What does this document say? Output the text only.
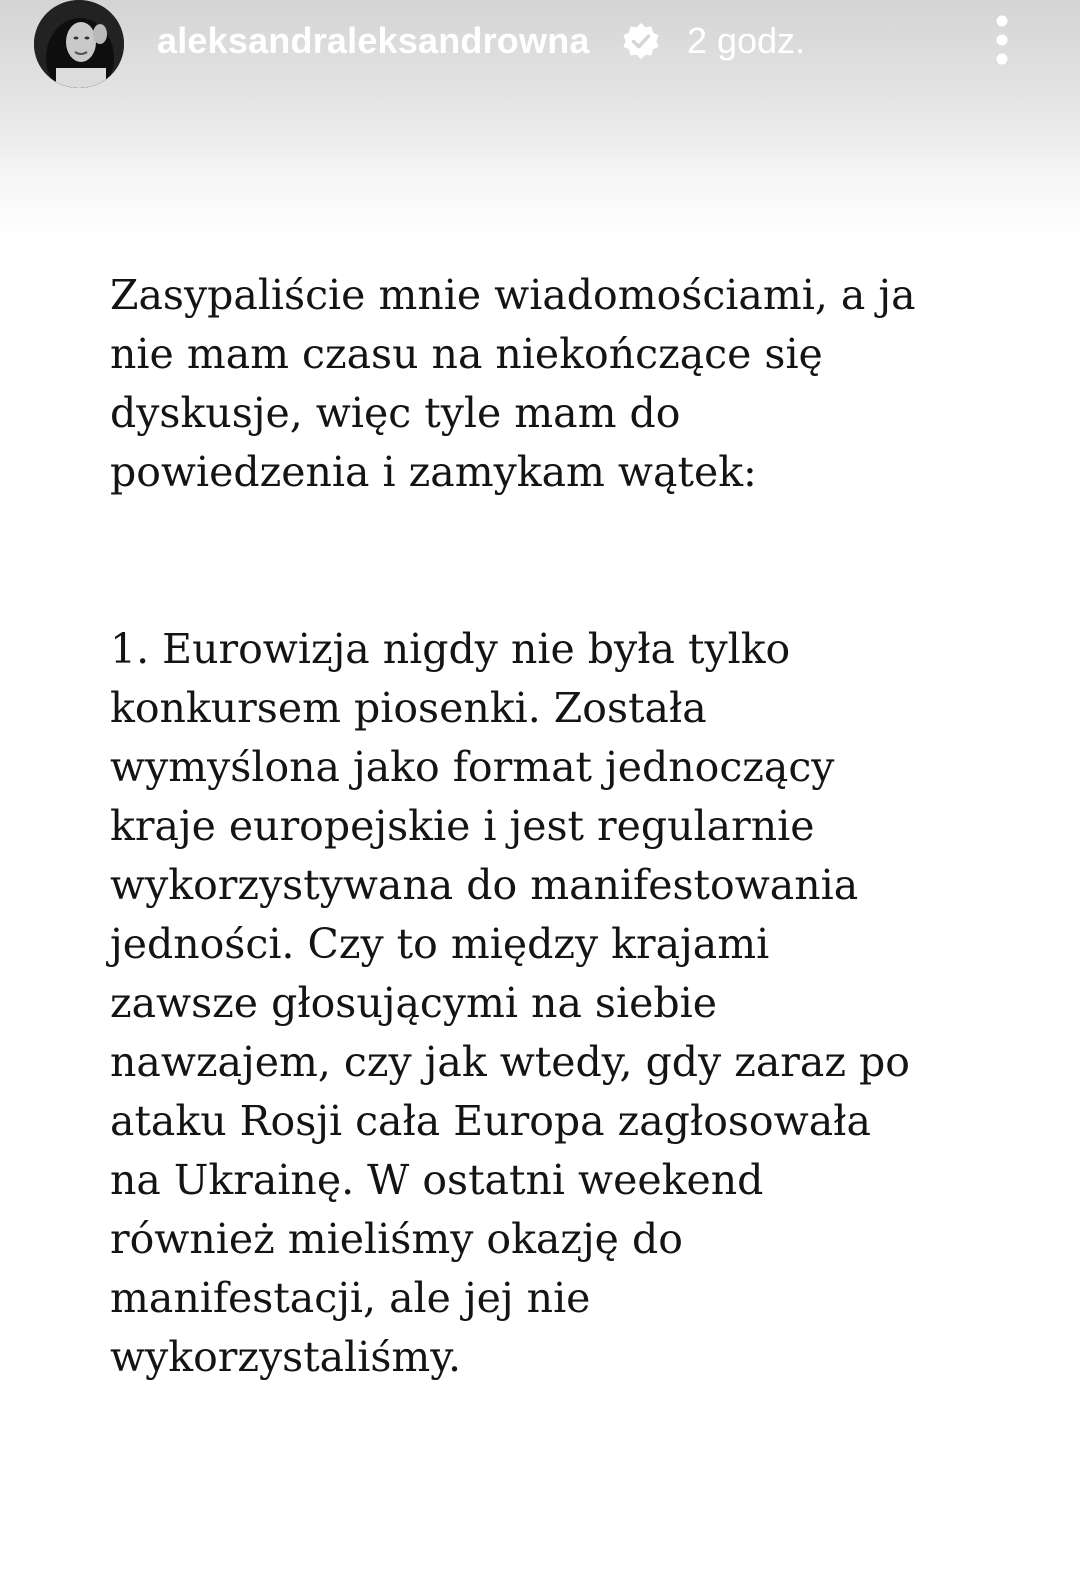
aleksandraleksandrowna	2 godz.

Zasypaliście mnie wiadomościami, a ja
nie mam czasu na niekończące się
dyskusje, więc tyle mam do
powiedzenia i zamykam wątek:

1. Eurowizja nigdy nie była tylko
konkursem piosenki. Została
wymyślona jako format jednoczący
kraje europejskie i jest regularnie
wykorzystywana do manifestowania
jedności. Czy to między krajami
zawsze głosującymi na siebie
nawzajem, czy jak wtedy, gdy zaraz po
ataku Rosji cała Europa zagłosowała
na Ukrainę. W ostatni weekend
również mieliśmy okazję do
manifestacji, ale jej nie
wykorzystaliśmy.
